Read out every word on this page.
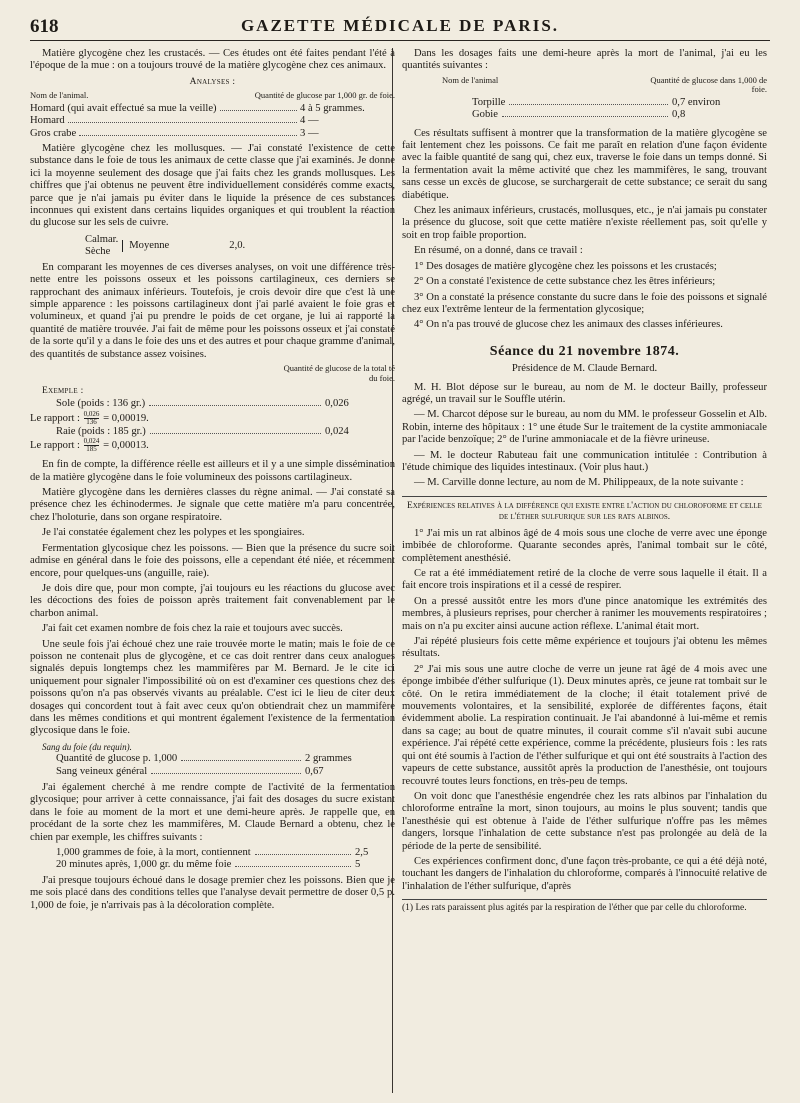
618	GAZETTE MÉDICALE DE PARIS.

Matière glycogène chez les crustacés. — Ces études ont été faites pendant l'été à l'époque de la mue : on a toujours trouvé de la matière glycogène chez ces animaux.

Analyses :

Nom de l'animal.	Quantité de glucose par 1,000 gr. de foie.
Homard (qui avait effectué sa mue la veille)	4 à 5 grammes.
Homard	4 —
Gros crabe	3 —

Matière glycogène chez les mollusques. — J'ai constaté l'existence de cette substance dans le foie de tous les animaux de cette classe que j'ai examinés. Je donne ici la moyenne seulement des dosage que j'ai faits chez les grands mollusques. Les chiffres que j'ai obtenus ne peuvent être individuellement considérés comme exacts, parce que je n'ai jamais pu éviter dans le liquide la présence de ces substances inconnues qui existent dans certains liquides organiques et qui troublent la réaction du glucose sur les sels de cuivre.

Calmar.
Sèche
Moyenne	2,0.

En comparant les moyennes de ces diverses analyses, on voit une différence très-nette entre les poissons osseux et les poissons cartilagineux, ces derniers se rapprochant des animaux inférieurs. Toutefois, je crois devoir dire que c'est là une simple apparence : les poissons cartilagineux dont j'ai parlé avaient le foie gras et volumineux, et quand j'ai pu prendre le poids de cet organe, je lui ai rapporté la quantité de matière trouvée. J'ai fait de même pour les poissons osseux et j'ai constaté de la sorte qu'il y a dans le foie des uns et des autres et pour chaque gramme d'animal, des quantités de substance assez voisines.

Quantité de glucose de la total té du foie.

Exemple :

Sole (poids : 136 gr.)	0,026
Le rapport : $\frac{0,026}{136} = 0,00019$.
Raie (poids : 185 gr.)	0,024
Le rapport : $\frac{0,024}{185} = 0,00013$.

En fin de compte, la différence réelle est ailleurs et il y a une simple dissémination de la matière glycogène dans le foie volumineux des poissons cartilagineux.

Matière glycogène dans les dernières classes du règne animal. — J'ai constaté sa présence chez les échinodermes. Je signale que cette matière m'a paru concentrée, chez l'holoturie, dans son organe respiratoire.

Je l'ai constatée également chez les polypes et les spongiaires.

Fermentation glycosique chez les poissons. — Bien que la présence du sucre soit admise en général dans le foie des poissons, elle a cependant été niée, et récemment encore, pour quelques-uns (anguille, raie).

Je dois dire que, pour mon compte, j'ai toujours eu les réactions du glucose avec les décoctions des foies de poisson après traitement fait convenablement par le charbon animal.

J'ai fait cet examen nombre de fois chez la raie et toujours avec succès.

Une seule fois j'ai échoué chez une raie trouvée morte le matin; mais le foie de ce poisson ne contenait plus de glycogène, et ce cas doit rentrer dans ceux analogues signalés depuis longtemps chez les mammifères par M. Bernard. Je le cite ici uniquement pour signaler l'impossibilité où on est d'examiner ces questions chez des poissons qu'on n'a pas observés vivants au préalable. C'est ici le lieu de citer deux dosages qui concordent tout à fait avec ceux qu'on obtiendrait chez un mammifère dans les mêmes conditions et qui montrent également l'existence de la fermentation glycosique dans le foie.

Sang du foie (du requin).
Quantité de glucose p. 1,000	2 grammes
Sang veineux général	0,67

J'ai également cherché à me rendre compte de l'activité de la fermentation glycosique; pour arriver à cette connaissance, j'ai fait des dosages du sucre existant dans le foie au moment de la mort et une demi-heure après. Je rappelle que, en procédant de la sorte chez les mammifères, M. Claude Bernard a obtenu, chez le chien par exemple, les chiffres suivants :

1,000 grammes de foie, à la mort, contiennent	2,5
20 minutes après, 1,000 gr. du même foie	5

J'ai presque toujours échoué dans le dosage premier chez les poissons. Bien que je me sois placé dans des conditions telles que l'analyse devait permettre de doser 0,5 p. 1,000 de foie, je n'arrivais pas à la décoloration complète.

Dans les dosages faits une demi-heure après la mort de l'animal, j'ai eu les quantités suivantes :

Nom de l'animal	Quantité de glucose dans 1,000 de foie.
Torpille	0,7 environ
Gobie	0,8

Ces résultats suffisent à montrer que la transformation de la matière glycogène se fait lentement chez les poissons. Ce fait me paraît en relation d'une façon évidente avec la faible quantité de sang qui, chez eux, traverse le foie dans un temps donné. Si la fermentation avait la même activité que chez les mammifères, le sang, trouvant sans cesse un excès de glucose, se surchargerait de cette substance; ce serait du sang diabétique.

Chez les animaux inférieurs, crustacés, mollusques, etc., je n'ai jamais pu constater la présence du glucose, soit que cette matière n'existe réellement pas, soit qu'elle y soit en trop faible proportion.

En résumé, on a donné, dans ce travail :

1° Des dosages de matière glycogène chez les poissons et les crustacés;

2° On a constaté l'existence de cette substance chez les êtres inférieurs;

3° On a constaté la présence constante du sucre dans le foie des poissons et signalé chez eux l'extrême lenteur de la fermentation glycosique;

4° On n'a pas trouvé de glucose chez les animaux des classes inférieures.

Séance du 21 novembre 1874.
Présidence de M. Claude Bernard.

M. H. Blot dépose sur le bureau, au nom de M. le docteur Bailly, professeur agrégé, un travail sur le Souffle utérin.

— M. Charcot dépose sur le bureau, au nom du MM. le professeur Gosselin et Alb. Robin, interne des hôpitaux : 1° une étude Sur le traitement de la cystite ammoniacale par l'acide benzoïque; 2° de l'urine ammoniacale et de la fièvre urineuse.

— M. le docteur Rabuteau fait une communication intitulée : Contribution à l'étude chimique des liquides intestinaux. (Voir plus haut.)

— M. Carville donne lecture, au nom de M. Philippeaux, de la note suivante :

Expériences relatives à la différence qui existe entre l'action du chloroforme et celle de l'éther sulfurique sur les rats albinos.

1° J'ai mis un rat albinos âgé de 4 mois sous une cloche de verre avec une éponge imbibée de chloroforme. Quarante secondes après, l'animal tombait sur le côté, complètement anesthésié.

Ce rat a été immédiatement retiré de la cloche de verre sous laquelle il était. Il a fait encore trois inspirations et il a cessé de respirer.

On a pressé aussitôt entre les mors d'une pince anatomique les extrémités des membres, à plusieurs reprises, pour chercher à ranimer les mouvements respiratoires ; mais on n'a pu exciter ainsi aucune action réflexe. L'animal était mort.

J'ai répété plusieurs fois cette même expérience et toujours j'ai obtenu les mêmes résultats.

2° J'ai mis sous une autre cloche de verre un jeune rat âgé de 4 mois avec une éponge imbibée d'éther sulfurique (1). Deux minutes après, ce jeune rat tombait sur le côté. On le retira immédiatement de la cloche; il était totalement privé de mouvements volontaires, et la sensibilité, explorée de différentes façons, était évidemment abolie. La respiration continuait. Je l'ai abandonné à lui-même et remis dans sa cage; au bout de quatre minutes, il courait comme s'il n'avait subi aucune expérience. J'ai répété cette expérience, comme la précédente, plusieurs fois : les rats qui ont été soumis à l'action de l'éther sulfurique et qui ont été soustraits à l'action des vapeurs de cette substance, aussitôt après la production de l'anesthésie, ont toujours recouvré toutes leurs fonctions, en très-peu de temps.

On voit donc que l'anesthésie engendrée chez les rats albinos par l'inhalation du chloroforme entraîne la mort, sinon toujours, au moins le plus souvent; tandis que l'anesthésie qui est obtenue à l'aide de l'éther sulfurique n'offre pas les mêmes dangers, lorsque l'inhalation de cette substance n'est pas prolongée au delà de la période de la perte de sensibilité.

Ces expériences confirment donc, d'une façon très-probante, ce qui a été déjà noté, touchant les dangers de l'inhalation du chloroforme, comparés à l'innocuité relative de l'inhalation de l'éther sulfurique, d'après

(1) Les rats paraissent plus agités par la respiration de l'éther que par celle du chloroforme.
